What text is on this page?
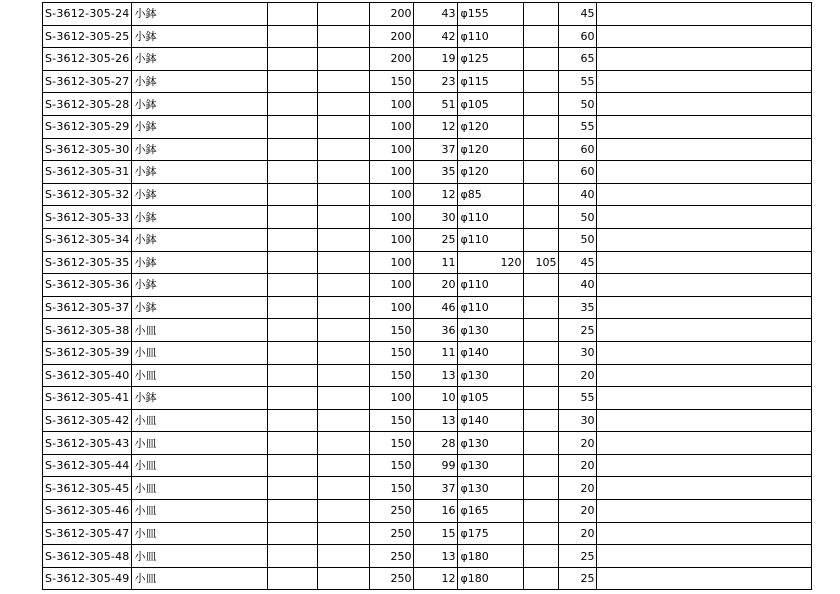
S-3612-305-24	小鉢			200	43	φ155		45	
S-3612-305-25	小鉢			200	42	φ110		60	
S-3612-305-26	小鉢			200	19	φ125		65	
S-3612-305-27	小鉢			150	23	φ115		55	
S-3612-305-28	小鉢			100	51	φ105		50	
S-3612-305-29	小鉢			100	12	φ120		55	
S-3612-305-30	小鉢			100	37	φ120		60	
S-3612-305-31	小鉢			100	35	φ120		60	
S-3612-305-32	小鉢			100	12	φ85		40	
S-3612-305-33	小鉢			100	30	φ110		50	
S-3612-305-34	小鉢			100	25	φ110		50	
S-3612-305-35	小鉢			100	11	120	105	45	
S-3612-305-36	小鉢			100	20	φ110		40	
S-3612-305-37	小鉢			100	46	φ110		35	
S-3612-305-38	小皿			150	36	φ130		25	
S-3612-305-39	小皿			150	11	φ140		30	
S-3612-305-40	小皿			150	13	φ130		20	
S-3612-305-41	小鉢			100	10	φ105		55	
S-3612-305-42	小皿			150	13	φ140		30	
S-3612-305-43	小皿			150	28	φ130		20	
S-3612-305-44	小皿			150	99	φ130		20	
S-3612-305-45	小皿			150	37	φ130		20	
S-3612-305-46	小皿			250	16	φ165		20	
S-3612-305-47	小皿			250	15	φ175		20	
S-3612-305-48	小皿			250	13	φ180		25	
S-3612-305-49	小皿			250	12	φ180		25	
